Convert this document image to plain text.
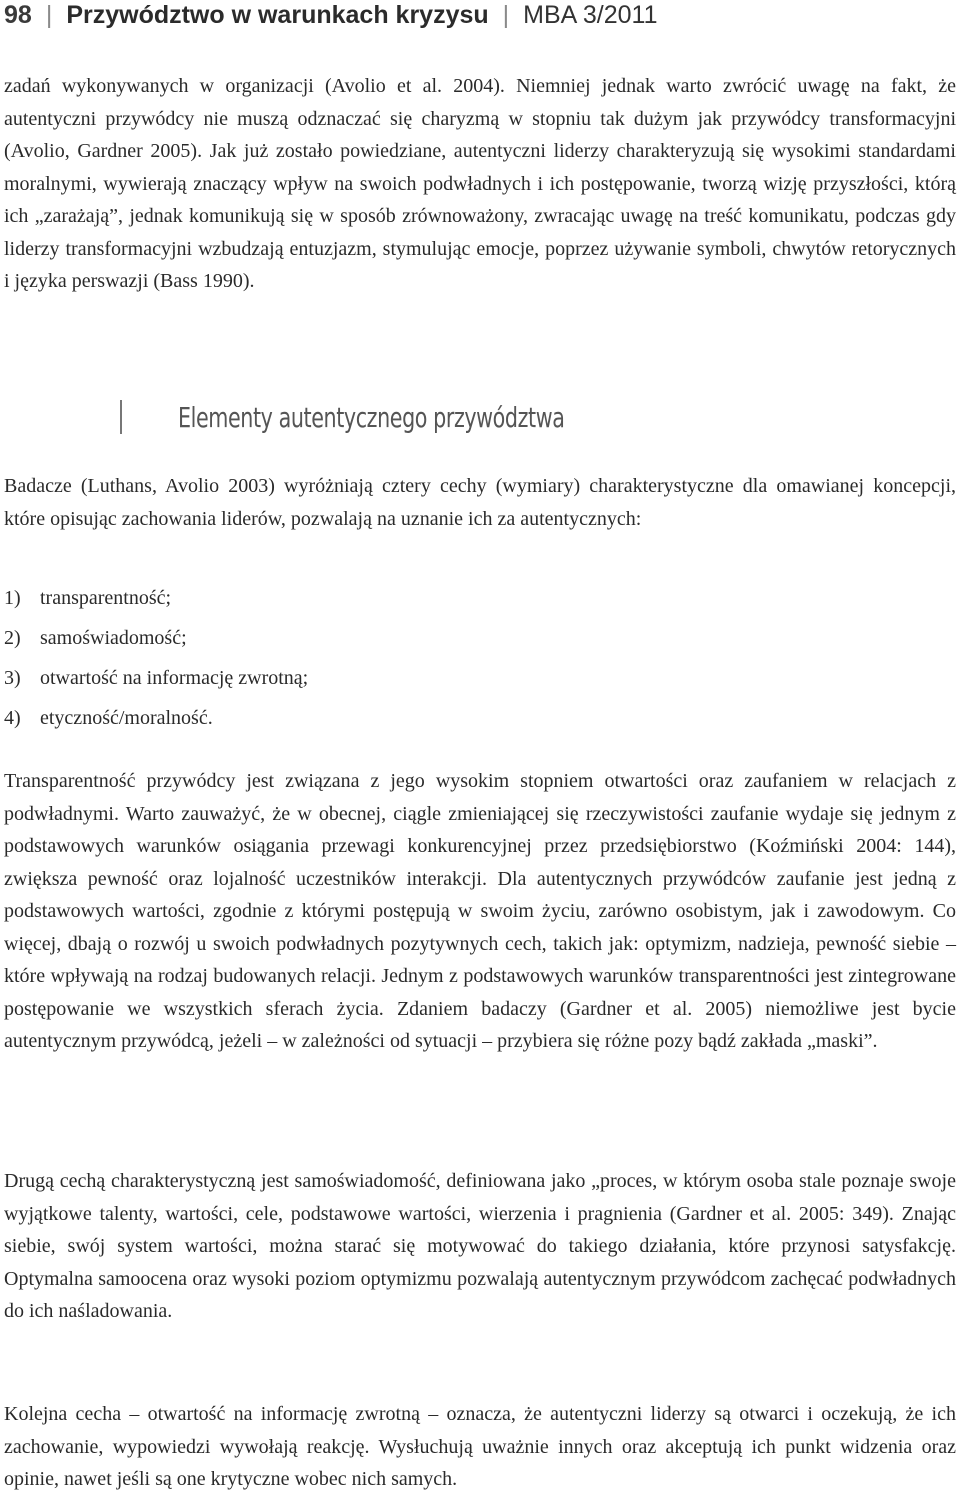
98 | Przywództwo w warunkach kryzysu | MBA 3/2011

zadań wykonywanych w organizacji (Avolio et al. 2004). Niemniej jednak warto zwrócić uwagę na fakt, że autentyczni przywódcy nie muszą odznaczać się charyzmą w stopniu tak dużym jak przywódcy transformacyjni (Avolio, Gardner 2005). Jak już zostało powiedziane, autentyczni liderzy charakteryzują się wysokimi standardami moralnymi, wywierają znaczący wpływ na swoich podwładnych i ich postępowanie, tworzą wizję przyszłości, którą ich „zarażają”, jednak komunikują się w sposób zrównoważony, zwracając uwagę na treść komunikatu, podczas gdy liderzy transformacyjni wzbudzają entuzjazm, stymulując emocje, poprzez używanie symboli, chwytów retorycznych i języka perswazji (Bass 1990).

Elementy autentycznego przywództwa

Badacze (Luthans, Avolio 2003) wyróżniają cztery cechy (wymiary) charakterystyczne dla omawianej koncepcji, które opisując zachowania liderów, pozwalają na uznanie ich za autentycznych:

1) transparentność;
2) samoświadomość;
3) otwartość na informację zwrotną;
4) etyczność/moralność.

Transparentność przywódcy jest związana z jego wysokim stopniem otwartości oraz zaufaniem w relacjach z podwładnymi. Warto zauważyć, że w obecnej, ciągle zmieniającej się rzeczywistości zaufanie wydaje się jednym z podstawowych warunków osiągania przewagi konkurencyjnej przez przedsiębiorstwo (Koźmiński 2004: 144), zwiększa pewność oraz lojalność uczestników interakcji. Dla autentycznych przywódców zaufanie jest jedną z podstawowych wartości, zgodnie z którymi postępują w swoim życiu, zarówno osobistym, jak i zawodowym. Co więcej, dbają o rozwój u swoich podwładnych pozytywnych cech, takich jak: optymizm, nadzieja, pewność siebie – które wpływają na rodzaj budowanych relacji. Jednym z podstawowych warunków transparentności jest zintegrowane postępowanie we wszystkich sferach życia. Zdaniem badaczy (Gardner et al. 2005) niemożliwe jest bycie autentycznym przywódcą, jeżeli – w zależności od sytuacji – przybiera się różne pozy bądź zakłada „maski”.

Drugą cechą charakterystyczną jest samoświadomość, definiowana jako „proces, w którym osoba stale poznaje swoje wyjątkowe talenty, wartości, cele, podstawowe wartości, wierzenia i pragnienia (Gardner et al. 2005: 349). Znając siebie, swój system wartości, można starać się motywować do takiego działania, które przynosi satysfakcję. Optymalna samoocena oraz wysoki poziom optymizmu pozwalają autentycznym przywódcom zachęcać podwładnych do ich naśladowania.

Kolejna cecha – otwartość na informację zwrotną – oznacza, że autentyczni liderzy są otwarci i oczekują, że ich zachowanie, wypowiedzi wywołają reakcję. Wysłuchują uważnie innych oraz akceptują ich punkt widzenia oraz opinie, nawet jeśli są one krytyczne wobec nich samych.
